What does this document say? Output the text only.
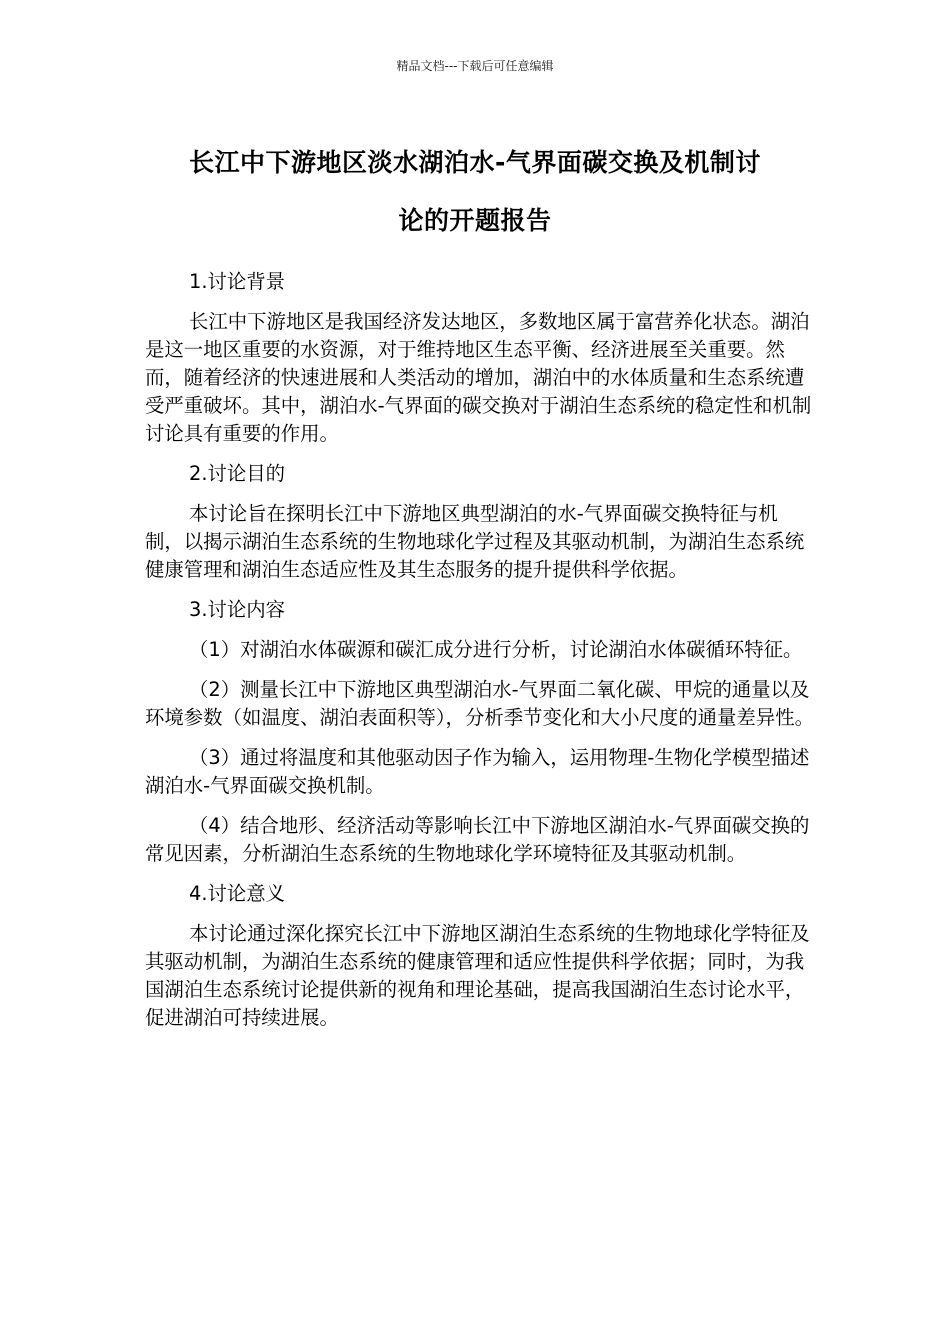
精品文档---下载后可任意编辑
长江中下游地区淡水湖泊水-气界面碳交换及机制讨
论的开题报告
1.讨论背景
长江中下游地区是我国经济发达地区，多数地区属于富营养化状态。湖泊是这一地区重要的水资源，对于维持地区生态平衡、经济进展至关重要。然而，随着经济的快速进展和人类活动的增加，湖泊中的水体质量和生态系统遭受严重破坏。其中，湖泊水-气界面的碳交换对于湖泊生态系统的稳定性和机制讨论具有重要的作用。
2.讨论目的
本讨论旨在探明长江中下游地区典型湖泊的水-气界面碳交换特征与机制，以揭示湖泊生态系统的生物地球化学过程及其驱动机制，为湖泊生态系统健康管理和湖泊生态适应性及其生态服务的提升提供科学依据。
3.讨论内容
（1）对湖泊水体碳源和碳汇成分进行分析，讨论湖泊水体碳循环特征。
（2）测量长江中下游地区典型湖泊水-气界面二氧化碳、甲烷的通量以及环境参数（如温度、湖泊表面积等），分析季节变化和大小尺度的通量差异性。
（3）通过将温度和其他驱动因子作为输入，运用物理-生物化学模型描述湖泊水-气界面碳交换机制。
（4）结合地形、经济活动等影响长江中下游地区湖泊水-气界面碳交换的常见因素，分析湖泊生态系统的生物地球化学环境特征及其驱动机制。
4.讨论意义
本讨论通过深化探究长江中下游地区湖泊生态系统的生物地球化学特征及其驱动机制，为湖泊生态系统的健康管理和适应性提供科学依据；同时，为我国湖泊生态系统讨论提供新的视角和理论基础，提高我国湖泊生态讨论水平，促进湖泊可持续进展。
